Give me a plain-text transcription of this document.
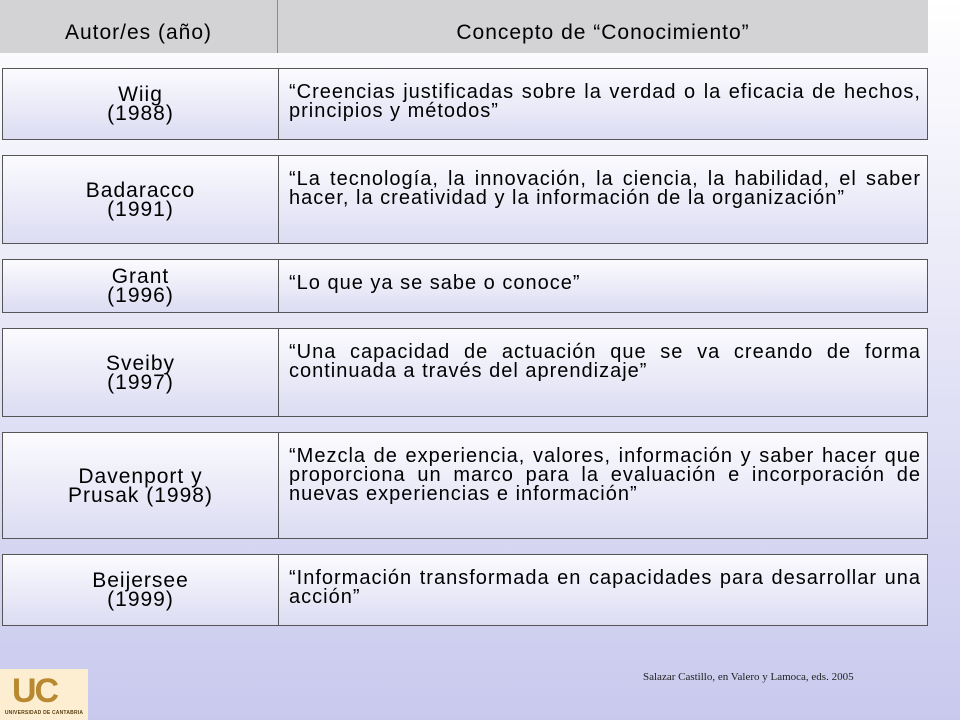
Autor/es (año)	Concepto de “Conocimiento”
Wiig
(1988)
“Creencias justificadas sobre la verdad o la eficacia de hechos, principios y métodos”
Badaracco
(1991)
“La tecnología, la innovación, la ciencia, la habilidad, el saber hacer, la creatividad y la información de la organización”
Grant
(1996)
“Lo que ya se sabe o conoce”
Sveiby
(1997)
“Una capacidad de actuación que se va creando de forma continuada a través del aprendizaje”
Davenport y
Prusak (1998)
“Mezcla de experiencia, valores, información y saber hacer que proporciona un marco para la evaluación e incorporación de nuevas experiencias e información”
Beijersee
(1999)
“Información transformada en capacidades para desarrollar una acción”
UC
UNIVERSIDAD DE CANTABRIA
Salazar Castillo, en Valero y Lamoca, eds. 2005
